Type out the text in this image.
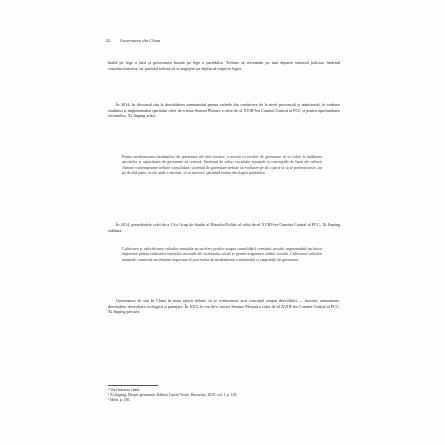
22 Guvernarea din China

înaltă pe lege a țării și guvernarea bazată pe lege a partidului. Trebuie să reformăm pe mai departe sistemul judiciar, întărind conștiinciozitatea, iar partidul trebuie să se angajeze pe deplin să respecte legea.

În 2014, în discursul său la deschiderea seminarului pentru cadrele din conducere de la nivel provincial și ministerial, în vederea studiului și implementării spiritului celei de-a treia Sesiuni Plenare a celui de-al XVIII-lea Comitet Central al PCC și pentru aprofundarea reformelor, Xi Jinping arăta:

Pentru modernizarea instituțiilor de guvernare ale țării noastre, e nevoie ca nivelul de guvernare să se ridice la înălțimea sarcinilor și capacitatea de guvernare să crească. Sistemul de valori socialiste esențiale și concepțiile de bază ale culturii chineze contemporane trebuie consolidate, sistemul de guvernare trebuie să evolueze pe de o parte și să se perfecționeze, iar pe de altă parte, acolo unde e necesar, să se inoveze, păstrând esența ideologiei partidului.

În 2014, președintele celei de-a 13-a Grup de Studiu al Biroului Politic al celui de-al XVIII-lea Comitet Central al PCC, Xi Jinping sublinia:

Cultivarea și valorificarea valorilor esențiale au un efect pozitiv asupra consolidării coeziunii sociale, reprezentând un factor important pentru realizarea funcțiilor normale ale sistemului social și pentru asigurarea ordinii sociale. Cultivarea valorilor esențiale constituie un element important al procesului de modernizare a sistemului și capacității de guvernare.

Guvernarea de stat în China în noua epocă trebuie să se conformeze noii concepții asupra dezvoltării — inovare, armonizare, deschidere, dezvoltare ecologică și partajare. În 2015, la cea de-a cincea Sesiune Plenară a celui de-al XVIII-lea Comitet Central al PCC, Xi Jinping preciza:

¹ Vezi lucrarea citată.
² Xi Jinping, Despre guvernare, Editura Curtea Veche, București, 2019, vol. I, p. 128.
³ Idem, p. 136.
